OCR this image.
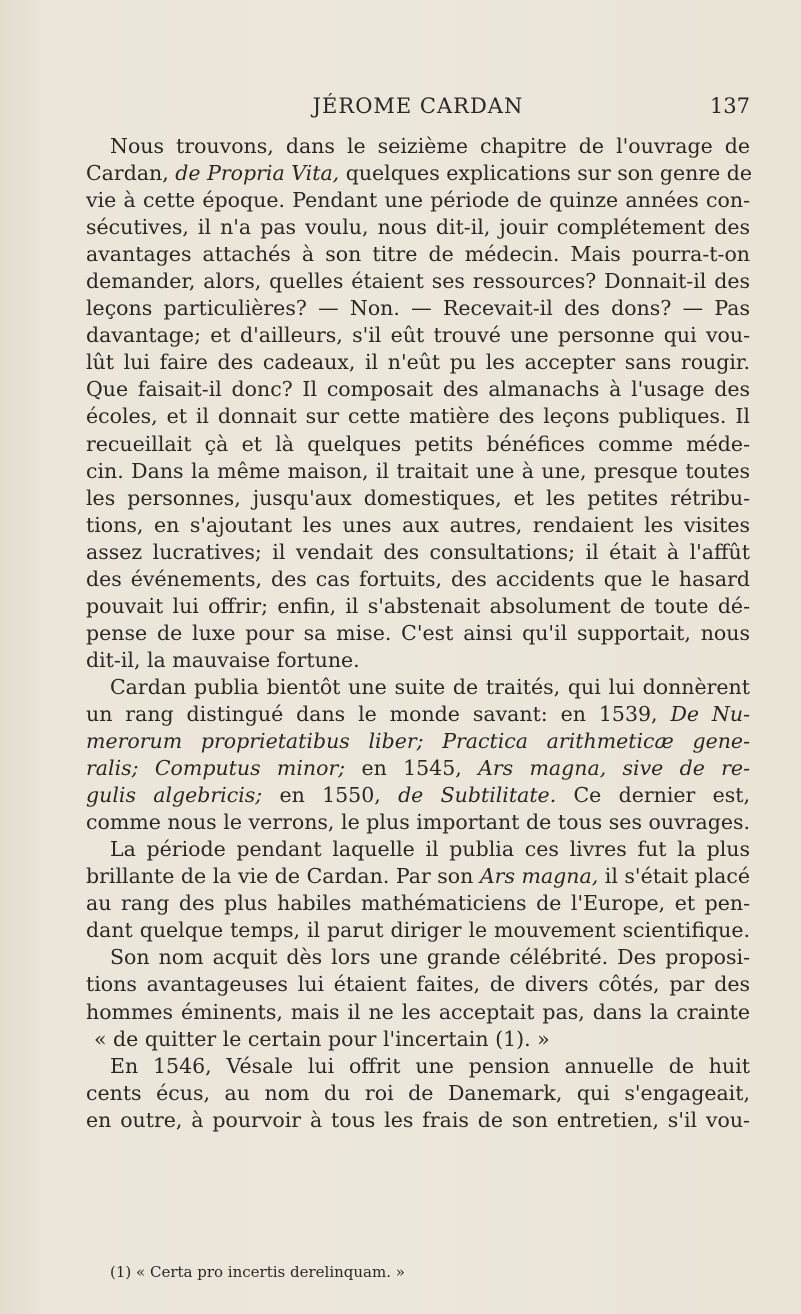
JÉROME CARDAN	137
Nous trouvons, dans le seizième chapitre de l'ouvrage de
Cardan, de Propria Vita, quelques explications sur son genre de
vie à cette époque. Pendant une période de quinze années con-
sécutives, il n'a pas voulu, nous dit-il, jouir complétement des
avantages attachés à son titre de médecin. Mais pourra-t-on
demander, alors, quelles étaient ses ressources? Donnait-il des
leçons particulières? — Non. — Recevait-il des dons? — Pas
davantage; et d'ailleurs, s'il eût trouvé une personne qui vou-
lût lui faire des cadeaux, il n'eût pu les accepter sans rougir.
Que faisait-il donc? Il composait des almanachs à l'usage des
écoles, et il donnait sur cette matière des leçons publiques. Il
recueillait çà et là quelques petits bénéfices comme méde-
cin. Dans la même maison, il traitait une à une, presque toutes
les personnes, jusqu'aux domestiques, et les petites rétribu-
tions, en s'ajoutant les unes aux autres, rendaient les visites
assez lucratives; il vendait des consultations; il était à l'affût
des événements, des cas fortuits, des accidents que le hasard
pouvait lui offrir; enfin, il s'abstenait absolument de toute dé-
pense de luxe pour sa mise. C'est ainsi qu'il supportait, nous
dit-il, la mauvaise fortune.
Cardan publia bientôt une suite de traités, qui lui donnèrent
un rang distingué dans le monde savant: en 1539, De Nu-
merorum proprietatibus liber; Practica arithmeticæ gene-
ralis; Computus minor; en 1545, Ars magna, sive de re-
gulis algebricis; en 1550, de Subtilitate. Ce dernier est,
comme nous le verrons, le plus important de tous ses ouvrages.
La période pendant laquelle il publia ces livres fut la plus
brillante de la vie de Cardan. Par son Ars magna, il s'était placé
au rang des plus habiles mathématiciens de l'Europe, et pen-
dant quelque temps, il parut diriger le mouvement scientifique.
Son nom acquit dès lors une grande célébrité. Des proposi-
tions avantageuses lui étaient faites, de divers côtés, par des
hommes éminents, mais il ne les acceptait pas, dans la crainte
« de quitter le certain pour l'incertain (1). »
En 1546, Vésale lui offrit une pension annuelle de huit
cents écus, au nom du roi de Danemark, qui s'engageait,
en outre, à pourvoir à tous les frais de son entretien, s'il vou-
(1) « Certa pro incertis derelinquam. »
